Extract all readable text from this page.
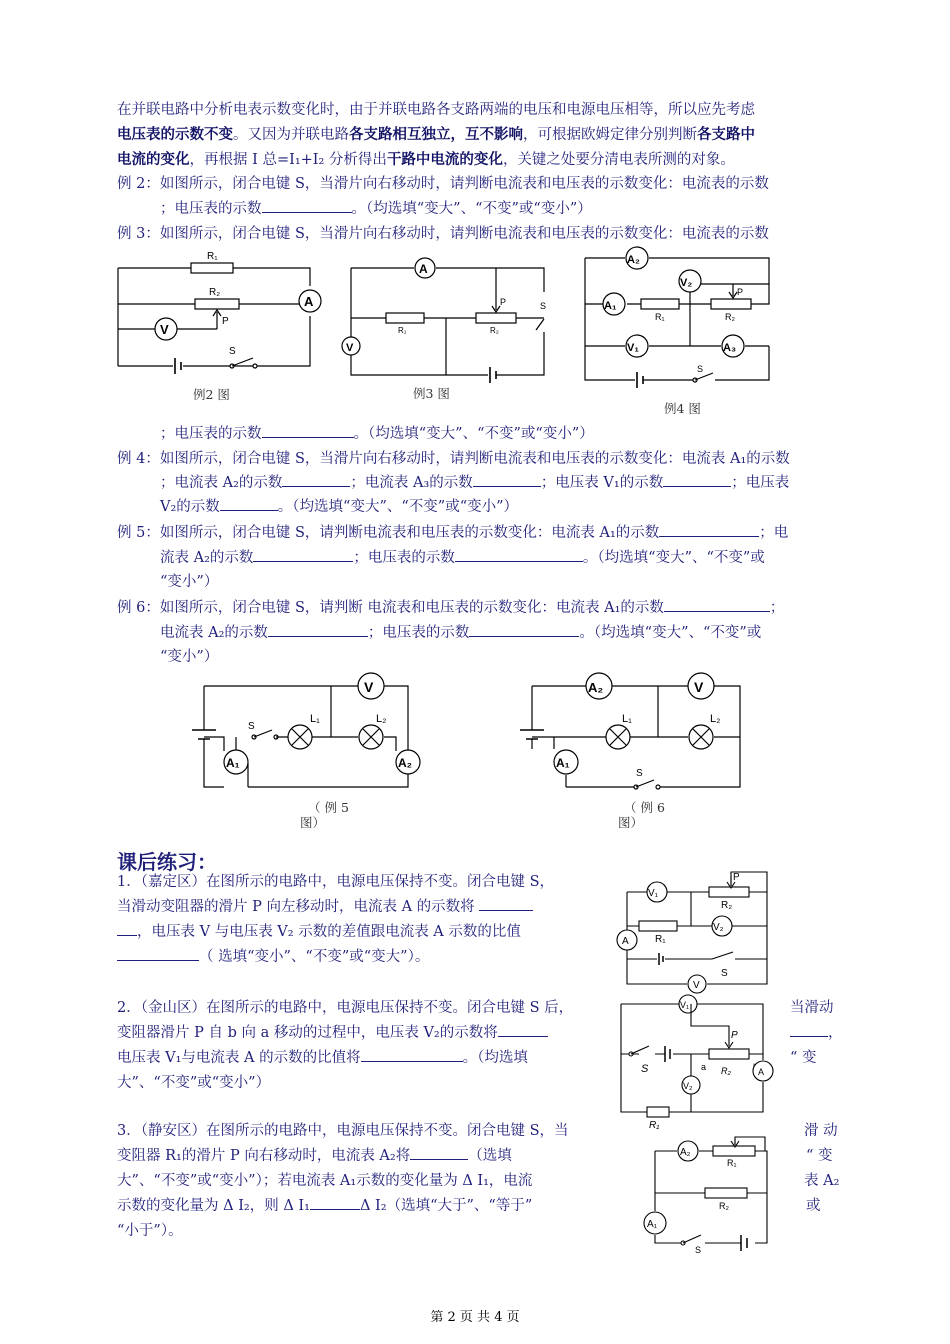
在并联电路中分析电表示数变化时，由于并联电路各支路两端的电压和电源电压相等，所以应先考虑
电压表的示数不变。又因为并联电路各支路相互独立，互不影响，可根据欧姆定律分别判断各支路中
电流的变化，再根据 I 总=I₁+I₂ 分析得出干路中电流的变化，关键之处要分清电表所测的对象。
例 2：如图所示，闭合电键 S，当滑片向右移动时，请判断电流表和电压表的示数变化：电流表的示数
；电压表的示数	。（均选填“变大”、“不变”或“变小”）
例 3：如图所示，闭合电键 S，当滑片向右移动时，请判断电流表和电压表的示数变化：电流表的示数
R₁
R₂
P
V
A
S
例2 图
A
V
R₁	R₂
P	S
例3 图
A₂
V₂
A₁
R₁	R₂
P
V₁	A₃
S
例4 图
；电压表的示数	。（均选填“变大”、“不变”或“变小”）
例 4：如图所示，闭合电键 S，当滑片向右移动时，请判断电流表和电压表的示数变化：电流表 A₁的示数
；电流表 A₂的示数	；电流表 A₃的示数	；电压表 V₁的示数	；电压表
V₂的示数	。（均选填“变大”、“不变”或“变小”）
例 5：如图所示，闭合电键 S，请判断电流表和电压表的示数变化：电流表 A₁的示数	；电
流表 A₂的示数	；电压表的示数	。（均选填“变大”、“不变”或
“变小”）
例 6：如图所示，闭合电键 S，请判断 电流表和电压表的示数变化：电流表 A₁的示数	；
电流表 A₂的示数	；电压表的示数	。（均选填“变大”、“不变”或
“变小”）
V
A₁
S
L₁	L₂
A₂
（ 例 5
图）
A₂	V
A₁
L₁	L₂
S
（ 例 6
图）
课后练习：
1．（嘉定区）在图所示的电路中，电源电压保持不变。闭合电键 S，
当滑动变阻器的滑片 P 向左移动时，电流表 A 的示数将
，电压表 V 与电压表 V₂ 示数的差值跟电流表 A 示数的比值
（ 选填“变小”、“不变”或“变大”）。
V₁
R₂
P
A	R₁
V₂
S
V
2．（金山区）在图所示的电路中，电源电压保持不变。闭合电键 S 后，	当滑动
变阻器滑片 P 自 b 向 a 移动的过程中，电压表 V₂的示数将	，
电压表 V₁与电流表 A 的示数的比值将	。（均选填	“ 变
大”、“不变”或“变小”）
V₁
S	a R₂
P
A
V₂
R₁
3．（静安区）在图所示的电路中，电源电压保持不变。闭合电键 S，当	滑 动
变阻器 R₁的滑片 P 向右移动时，电流表 A₂将	（选填	“ 变
大”、“不变”或“变小”）；若电流表 A₁示数的变化量为 Δ I₁，电流	表 A₂
示数的变化量为 Δ I₂，则 Δ I₁	Δ I₂（选填“大于”、“等于”	或
“小于”）。
A₂
R₁
R₂
A₁
S
第 2 页 共 4 页
